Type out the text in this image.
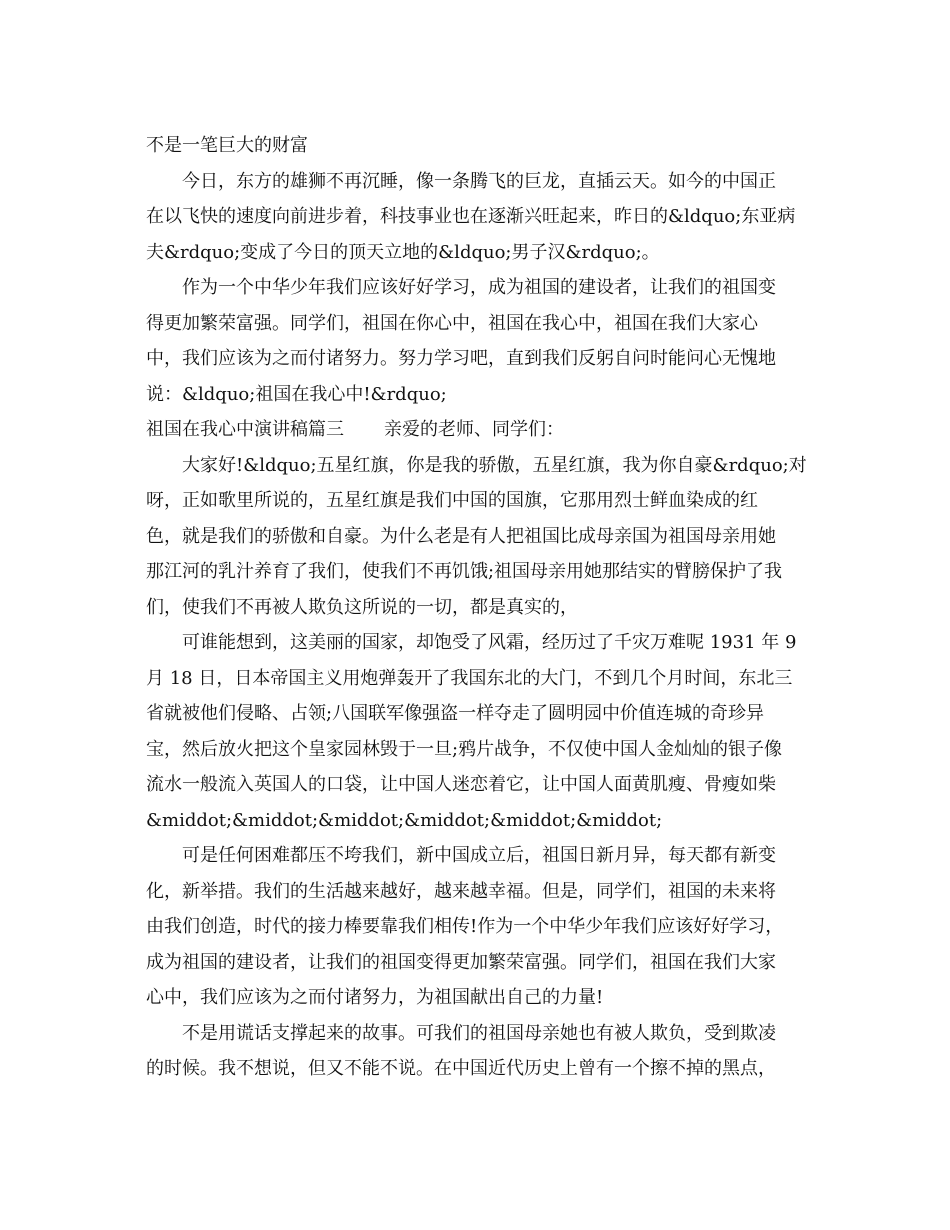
不是一笔巨大的财富
今日，东方的雄狮不再沉睡，像一条腾飞的巨龙，直插云天。如今的中国正
在以飞快的速度向前进步着，科技事业也在逐渐兴旺起来，昨日的&ldquo;东亚病
夫&rdquo;变成了今日的顶天立地的&ldquo;男子汉&rdquo;。
作为一个中华少年我们应该好好学习，成为祖国的建设者，让我们的祖国变
得更加繁荣富强。同学们，祖国在你心中，祖国在我心中，祖国在我们大家心
中，我们应该为之而付诸努力。努力学习吧，直到我们反躬自问时能问心无愧地
说：&ldquo;祖国在我心中!&rdquo;
祖国在我心中演讲稿篇三 亲爱的老师、同学们：
大家好!&ldquo;五星红旗，你是我的骄傲，五星红旗，我为你自豪&rdquo;对
呀，正如歌里所说的，五星红旗是我们中国的国旗，它那用烈士鲜血染成的红
色，就是我们的骄傲和自豪。为什么老是有人把祖国比成母亲国为祖国母亲用她
那江河的乳汁养育了我们，使我们不再饥饿;祖国母亲用她那结实的臂膀保护了我
们，使我们不再被人欺负这所说的一切，都是真实的，
可谁能想到，这美丽的国家，却饱受了风霜，经历过了千灾万难呢 1931 年 9
月 18 日，日本帝国主义用炮弹轰开了我国东北的大门，不到几个月时间，东北三
省就被他们侵略、占领;八国联军像强盗一样夺走了圆明园中价值连城的奇珍异
宝，然后放火把这个皇家园林毁于一旦;鸦片战争，不仅使中国人金灿灿的银子像
流水一般流入英国人的口袋，让中国人迷恋着它，让中国人面黄肌瘦、骨瘦如柴
&middot;&middot;&middot;&middot;&middot;&middot;
可是任何困难都压不垮我们，新中国成立后，祖国日新月异，每天都有新变
化，新举措。我们的生活越来越好，越来越幸福。但是，同学们，祖国的未来将
由我们创造，时代的接力棒要靠我们相传!作为一个中华少年我们应该好好学习，
成为祖国的建设者，让我们的祖国变得更加繁荣富强。同学们，祖国在我们大家
心中，我们应该为之而付诸努力，为祖国献出自己的力量!
不是用谎话支撑起来的故事。可我们的祖国母亲她也有被人欺负，受到欺凌
的时候。我不想说，但又不能不说。在中国近代历史上曾有一个擦不掉的黑点，
